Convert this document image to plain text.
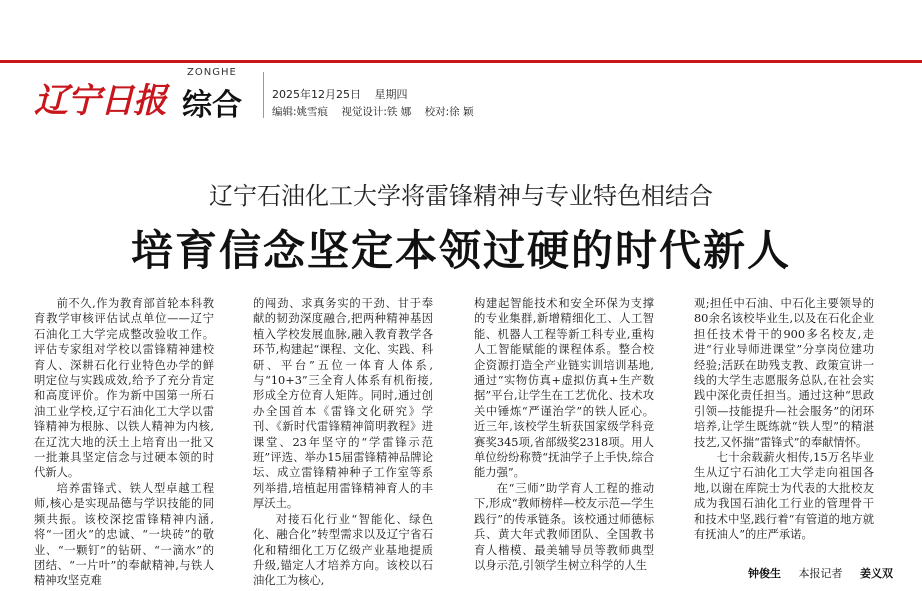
辽宁日报
ZONGHE
综合	2025年12月25日 星期四
编辑:姚雪痕 视觉设计:铁 娜 校对:徐 颖
辽宁石油化工大学将雷锋精神与专业特色相结合
培育信念坚定本领过硬的时代新人

前不久,作为教育部首轮本科教育教学审核评估试点单位——辽宁石油化工大学完成整改验收工作。评估专家组对学校以雷锋精神建校育人、深耕石化行业特色办学的鲜明定位与实践成效,给予了充分肯定和高度评价。作为新中国第一所石油工业学校,辽宁石油化工大学以雷锋精神为根脉、以铁人精神为内核,在辽沈大地的沃土上培育出一批又一批兼具坚定信念与过硬本领的时代新人。

培养雷锋式、铁人型卓越工程师,核心是实现品德与学识技能的同频共振。该校深挖雷锋精神内涵,将“一团火”的忠诚、“一块砖”的敬业、“一颗钉”的钻研、“一滴水”的团结、“一片叶”的奉献精神,与铁人精神攻坚克难

的闯劲、求真务实的干劲、甘于奉献的韧劲深度融合,把两种精神基因植入学校发展血脉,融入教育教学各环节,构建起“课程、文化、实践、科研、平台”五位一体育人体系,与“10+3”三全育人体系有机衔接,形成全方位育人矩阵。同时,通过创办全国首本《雷锋文化研究》学刊、《新时代雷锋精神简明教程》进课堂、23年坚守的“学雷锋示范班”评选、举办15届雷锋精神品牌论坛、成立雷锋精神种子工作室等系列举措,培植起用雷锋精神育人的丰厚沃土。

对接石化行业“智能化、绿色化、融合化”转型需求以及辽宁省石化和精细化工万亿级产业基地提质升级,锚定人才培养方向。该校以石油化工为核心,

构建起智能技术和安全环保为支撑的专业集群,新增精细化工、人工智能、机器人工程等新工科专业,重构人工智能赋能的课程体系。整合校企资源打造全产业链实训培训基地,通过“实物仿真+虚拟仿真+生产数据”平台,让学生在工艺优化、技术攻关中锤炼“严谨治学”的铁人匠心。近三年,该校学生斩获国家级学科竞赛奖345项,省部级奖2318项。用人单位纷纷称赞“抚油学子上手快,综合能力强”。

在“三师”助学育人工程的推动下,形成“教师榜样—校友示范—学生践行”的传承链条。该校通过师德标兵、黄大年式教师团队、全国教书育人楷模、最美辅导员等教师典型以身示范,引领学生树立科学的人生

观;担任中石油、中石化主要领导的80余名该校毕业生,以及在石化企业担任技术骨干的900多名校友,走进“行业导师进课堂”分享岗位建功经验;活跃在助残支教、政策宣讲一线的大学生志愿服务总队,在社会实践中深化责任担当。通过这种“思政引领—技能提升—社会服务”的闭环培养,让学生既练就“铁人型”的精湛技艺,又怀揣“雷锋式”的奉献情怀。

七十余载薪火相传,15万名毕业生从辽宁石油化工大学走向祖国各地,以谢在库院士为代表的大批校友成为我国石油化工行业的管理骨干和技术中坚,践行着“有管道的地方就有抚油人”的庄严承诺。

钟俊生 本报记者 姜义双
